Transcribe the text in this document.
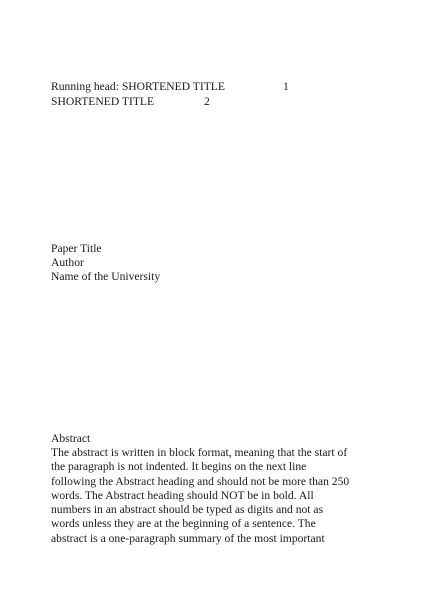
Running head: SHORTENED TITLE	1
SHORTENED TITLE	2
Paper Title
Author
Name of the University
Abstract

The abstract is written in block format, meaning that the start of
the paragraph is not indented. It begins on the next line
following the Abstract heading and should not be more than 250
words. The Abstract heading should NOT be in bold. All
numbers in an abstract should be typed as digits and not as
words unless they are at the beginning of a sentence. The
abstract is a one-paragraph summary of the most important
